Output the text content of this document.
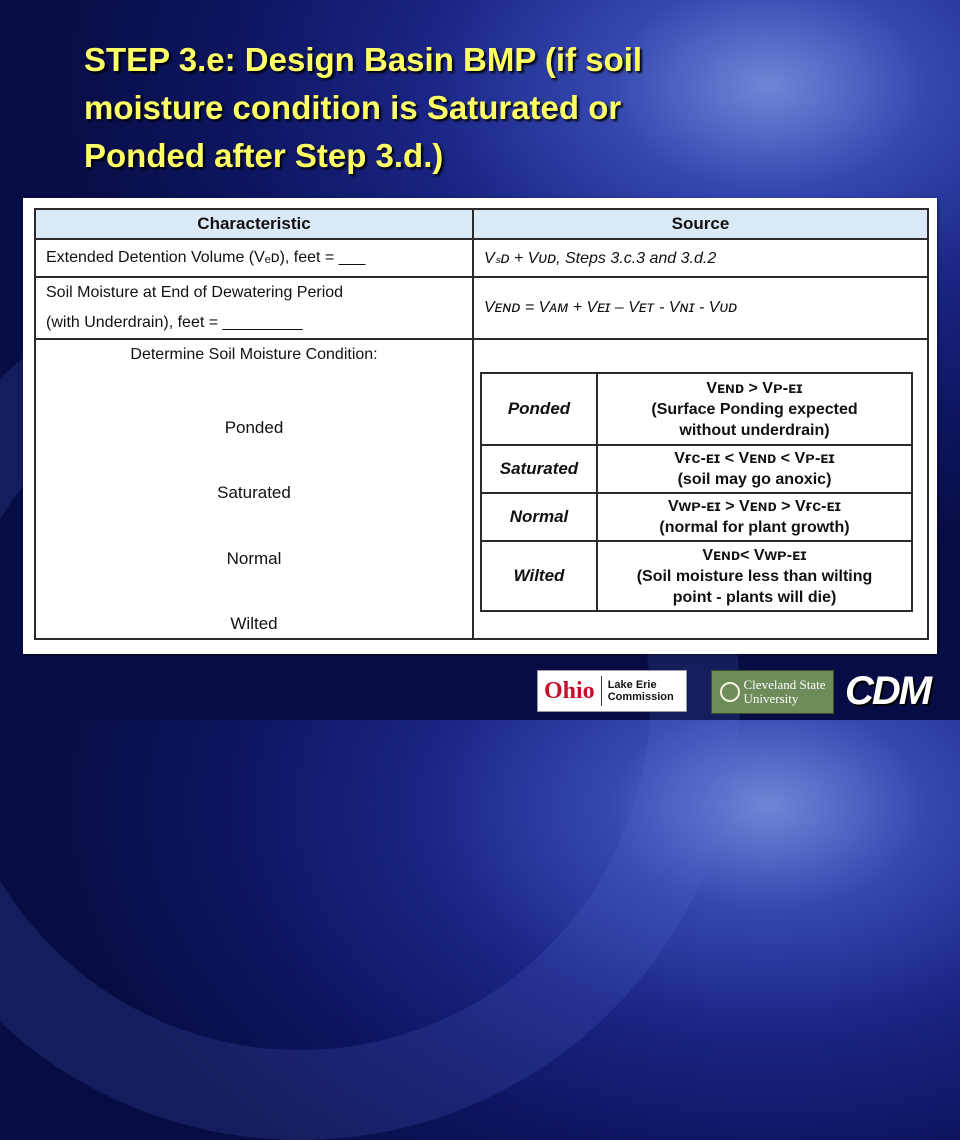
STEP 3.e: Design Basin BMP (if soil
moisture condition is Saturated or
Ponded after Step 3.d.)
Characteristic	Source
Extended Detention Volume (Vₑᴅ), feet = ___	Vₛᴅ + Vᴜᴅ, Steps 3.c.3 and 3.d.2

Soil Moisture at End of Dewatering Period
(with Underdrain), feet = _________	Vᴇɴᴅ = Vᴀᴍ + Vᴇɪ – Vᴇᴛ - Vɴɪ - Vᴜᴅ

Determine Soil Moisture Condition:
Ponded
Saturated
Normal
Wilted	

Ponded	Vᴇɴᴅ > Vᴘ-ᴇɪ
(Surface Ponding expected
without underdrain)

Saturated	Vғᴄ-ᴇɪ < Vᴇɴᴅ < Vᴘ-ᴇɪ
(soil may go anoxic)

Normal	Vᴡᴘ-ᴇɪ > Vᴇɴᴅ > Vғᴄ-ᴇɪ
(normal for plant growth)

Wilted	Vᴇɴᴅ< Vᴡᴘ-ᴇɪ
(Soil moisture less than wilting
point - plants will die)
Ohio Lake Erie
Commission
Cleveland State
University	CDM
